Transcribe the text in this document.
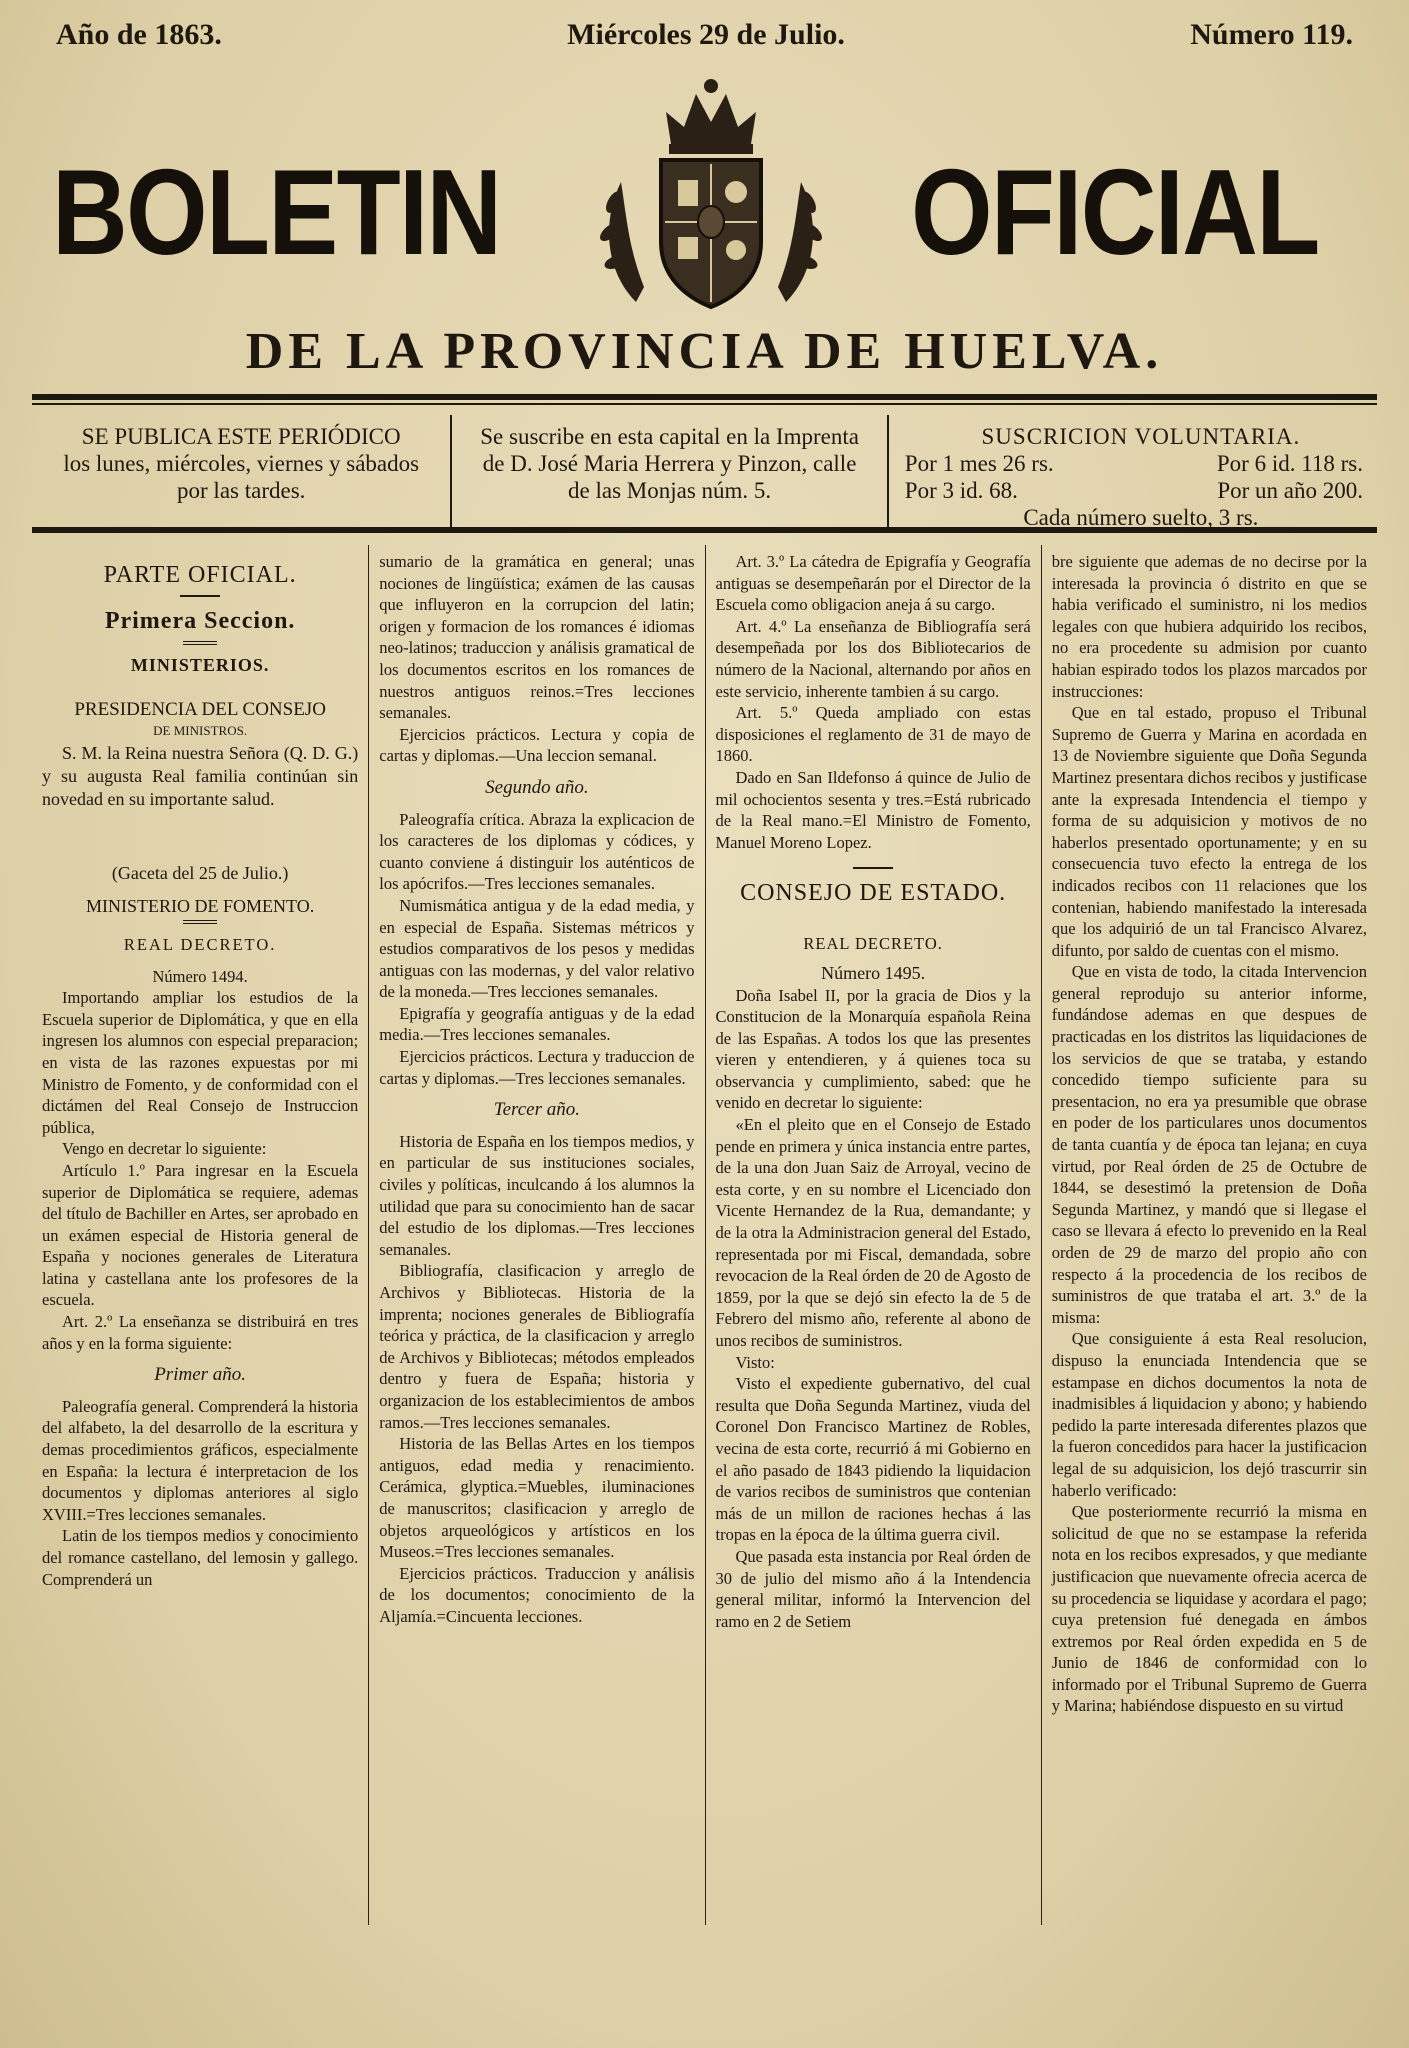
Año de 1863.	Miércoles 29 de Julio.	Número 119.
BOLETIN	OFICIAL
DE LA PROVINCIA DE HUELVA.
SE PUBLICA ESTE PERIÓDICO
los lunes, miércoles, viernes y sábados
por las tardes.
Se suscribe en esta capital en la Imprenta
de D. José Maria Herrera y Pinzon, calle
de las Monjas núm. 5.
SUSCRICION VOLUNTARIA.
Por 1 mes 26 rs.	Por 6 id. 118 rs.
Por 3 id. 68.	Por un año 200.
Cada número suelto, 3 rs.

PARTE OFICIAL.

Primera Seccion.

MINISTERIOS.

PRESIDENCIA DEL CONSEJO

DE MINISTROS.

S. M. la Reina nuestra Señora (Q. D. G.) y su augusta Real familia continúan sin novedad en su importante salud.

(Gaceta del 25 de Julio.)

MINISTERIO DE FOMENTO.

REAL DECRETO.

Número 1494.

Importando ampliar los estudios de la Escuela superior de Diplomática, y que en ella ingresen los alumnos con especial preparacion; en vista de las razones expuestas por mi Ministro de Fomento, y de conformidad con el dictámen del Real Consejo de Instruccion pública,

Vengo en decretar lo siguiente:

Artículo 1.º Para ingresar en la Escuela superior de Diplomática se requiere, ademas del título de Bachiller en Artes, ser aprobado en un exámen especial de Historia general de España y nociones generales de Literatura latina y castellana ante los profesores de la escuela.

Art. 2.º La enseñanza se distribuirá en tres años y en la forma siguiente:

Primer año.

Paleografía general. Comprenderá la historia del alfabeto, la del desarrollo de la escritura y demas procedimientos gráficos, especialmente en España: la lectura é interpretacion de los documentos y diplomas anteriores al siglo XVIII.=Tres lecciones semanales.

Latin de los tiempos medios y conocimiento del romance castellano, del lemosin y gallego. Comprenderá un

sumario de la gramática en general; unas nociones de lingüística; exámen de las causas que influyeron en la corrupcion del latin; origen y formacion de los romances é idiomas neo-latinos; traduccion y análisis gramatical de los documentos escritos en los romances de nuestros antiguos reinos.=Tres lecciones semanales.

Ejercicios prácticos. Lectura y copia de cartas y diplomas.—Una leccion semanal.

Segundo año.

Paleografía crítica. Abraza la explicacion de los caracteres de los diplomas y códices, y cuanto conviene á distinguir los auténticos de los apócrifos.—Tres lecciones semanales.

Numismática antigua y de la edad media, y en especial de España. Sistemas métricos y estudios comparativos de los pesos y medidas antiguas con las modernas, y del valor relativo de la moneda.—Tres lecciones semanales.

Epigrafía y geografía antiguas y de la edad media.—Tres lecciones semanales.

Ejercicios prácticos. Lectura y traduccion de cartas y diplomas.—Tres lecciones semanales.

Tercer año.

Historia de España en los tiempos medios, y en particular de sus instituciones sociales, civiles y políticas, inculcando á los alumnos la utilidad que para su conocimiento han de sacar del estudio de los diplomas.—Tres lecciones semanales.

Bibliografía, clasificacion y arreglo de Archivos y Bibliotecas. Historia de la imprenta; nociones generales de Bibliografía teórica y práctica, de la clasificacion y arreglo de Archivos y Bibliotecas; métodos empleados dentro y fuera de España; historia y organizacion de los establecimientos de ambos ramos.—Tres lecciones semanales.

Historia de las Bellas Artes en los tiempos antiguos, edad media y renacimiento. Cerámica, glyptica.=Muebles, iluminaciones de manuscritos; clasificacion y arreglo de objetos arqueológicos y artísticos en los Museos.=Tres lecciones semanales.

Ejercicios prácticos. Traduccion y análisis de los documentos; conocimiento de la Aljamía.=Cincuenta lecciones.

Art. 3.º La cátedra de Epigrafía y Geografía antiguas se desempeñarán por el Director de la Escuela como obligacion aneja á su cargo.

Art. 4.º La enseñanza de Bibliografía será desempeñada por los dos Bibliotecarios de número de la Nacional, alternando por años en este servicio, inherente tambien á su cargo.

Art. 5.º Queda ampliado con estas disposiciones el reglamento de 31 de mayo de 1860.

Dado en San Ildefonso á quince de Julio de mil ochocientos sesenta y tres.=Está rubricado de la Real mano.=El Ministro de Fomento, Manuel Moreno Lopez.

CONSEJO DE ESTADO.

REAL DECRETO.

Número 1495.

Doña Isabel II, por la gracia de Dios y la Constitucion de la Monarquía española Reina de las Españas. A todos los que las presentes vieren y entendieren, y á quienes toca su observancia y cumplimiento, sabed: que he venido en decretar lo siguiente:

«En el pleito que en el Consejo de Estado pende en primera y única instancia entre partes, de la una don Juan Saiz de Arroyal, vecino de esta corte, y en su nombre el Licenciado don Vicente Hernandez de la Rua, demandante; y de la otra la Administracion general del Estado, representada por mi Fiscal, demandada, sobre revocacion de la Real órden de 20 de Agosto de 1859, por la que se dejó sin efecto la de 5 de Febrero del mismo año, referente al abono de unos recibos de suministros.

Visto:

Visto el expediente gubernativo, del cual resulta que Doña Segunda Martinez, viuda del Coronel Don Francisco Martinez de Robles, vecina de esta corte, recurrió á mi Gobierno en el año pasado de 1843 pidiendo la liquidacion de varios recibos de suministros que contenian más de un millon de raciones hechas á las tropas en la época de la última guerra civil.

Que pasada esta instancia por Real órden de 30 de julio del mismo año á la Intendencia general militar, informó la Intervencion del ramo en 2 de Setiem

bre siguiente que ademas de no decirse por la interesada la provincia ó distrito en que se habia verificado el suministro, ni los medios legales con que hubiera adquirido los recibos, no era procedente su admision por cuanto habian espirado todos los plazos marcados por instrucciones:

Que en tal estado, propuso el Tribunal Supremo de Guerra y Marina en acordada en 13 de Noviembre siguiente que Doña Segunda Martinez presentara dichos recibos y justificase ante la expresada Intendencia el tiempo y forma de su adquisicion y motivos de no haberlos presentado oportunamente; y en su consecuencia tuvo efecto la entrega de los indicados recibos con 11 relaciones que los contenian, habiendo manifestado la interesada que los adquirió de un tal Francisco Alvarez, difunto, por saldo de cuentas con el mismo.

Que en vista de todo, la citada Intervencion general reprodujo su anterior informe, fundándose ademas en que despues de practicadas en los distritos las liquidaciones de los servicios de que se trataba, y estando concedido tiempo suficiente para su presentacion, no era ya presumible que obrase en poder de los particulares unos documentos de tanta cuantía y de época tan lejana; en cuya virtud, por Real órden de 25 de Octubre de 1844, se desestimó la pretension de Doña Segunda Martinez, y mandó que si llegase el caso se llevara á efecto lo prevenido en la Real orden de 29 de marzo del propio año con respecto á la procedencia de los recibos de suministros de que trataba el art. 3.º de la misma:

Que consiguiente á esta Real resolucion, dispuso la enunciada Intendencia que se estampase en dichos documentos la nota de inadmisibles á liquidacion y abono; y habiendo pedido la parte interesada diferentes plazos que la fueron concedidos para hacer la justificacion legal de su adquisicion, los dejó trascurrir sin haberlo verificado:

Que posteriormente recurrió la misma en solicitud de que no se estampase la referida nota en los recibos expresados, y que mediante justificacion que nuevamente ofrecia acerca de su procedencia se liquidase y acordara el pago; cuya pretension fué denegada en ámbos extremos por Real órden expedida en 5 de Junio de 1846 de conformidad con lo informado por el Tribunal Supremo de Guerra y Marina; habiéndose dispuesto en su virtud
